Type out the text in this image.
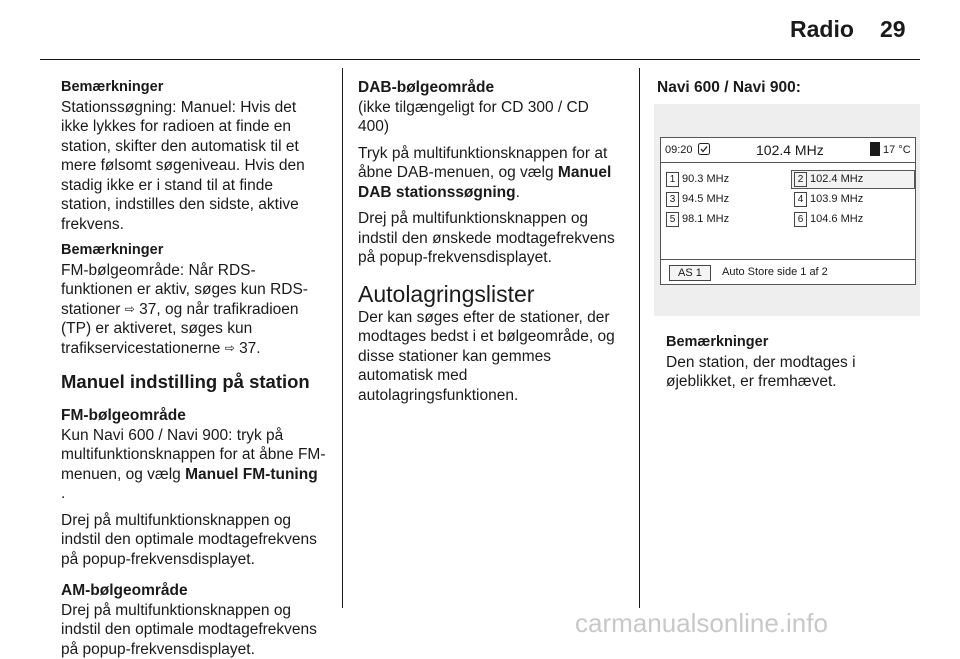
Radio 29

Bemærkninger

Stationssøgning: Manuel: Hvis det ikke lykkes for radioen at finde en station, skifter den automatisk til et mere følsomt søgeniveau. Hvis den stadig ikke er i stand til at finde station, indstilles den sidste, aktive frekvens.

Bemærkninger

FM-bølgeområde: Når RDS-funktionen er aktiv, søges kun RDS-stationer ⇨ 37, og når trafikradioen (TP) er aktiveret, søges kun trafikservicestationerne ⇨ 37.

Manuel indstilling på station

FM-bølgeområde

Kun Navi 600 / Navi 900: tryk på multifunktionsknappen for at åbne FM-menuen, og vælg Manuel FM-tuning .

Drej på multifunktionsknappen og indstil den optimale modtagefrekvens på popup-frekvensdisplayet.

AM-bølgeområde

Drej på multifunktionsknappen og indstil den optimale modtagefrekvens på popup-frekvensdisplayet.

DAB-bølgeområde

(ikke tilgængeligt for CD 300 / CD 400)

Tryk på multifunktionsknappen for at åbne DAB-menuen, og vælg Manuel DAB stationssøgning.

Drej på multifunktionsknappen og indstil den ønskede modtagefrekvens på popup-frekvensdisplayet.

Autolagringslister

Der kan søges efter de stationer, der modtages bedst i et bølgeområde, og disse stationer kan gemmes automatisk med autolagringsfunktionen.

Navi 600 / Navi 900:

09:20	102.4 MHz	17 °C
1 90.3 MHz	2 102.4 MHz
3 94.5 MHz	4 103.9 MHz
5 98.1 MHz	6 104.6 MHz
AS 1	Auto Store side 1 af 2

Bemærkninger

Den station, der modtages i øjeblikket, er fremhævet.

carmanualsonline.info
